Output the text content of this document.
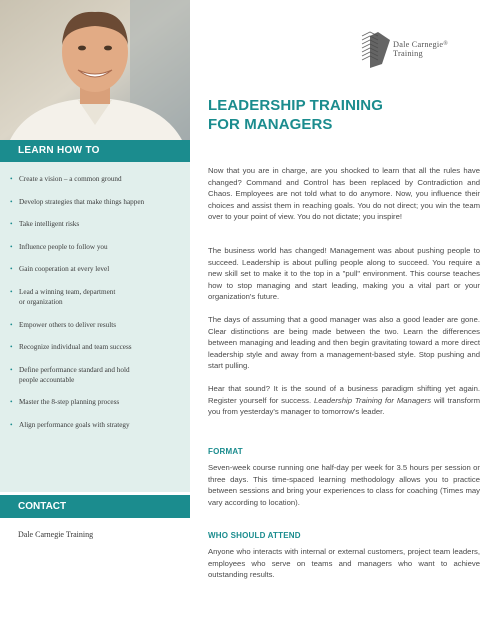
LEARN HOW TO
• Create a vision – a common ground
• Develop strategies that make things happen
• Take intelligent risks
• Influence people to follow you
• Gain cooperation at every level
• Lead a winning team, department
or organization
• Empower others to deliver results
• Recognize individual and team success
• Define performance standard and hold
people accountable
• Master the 8-step planning process
• Align performance goals with strategy
CONTACT
Dale Carnegie Training
Dale Carnegie®
Training
LEADERSHIP TRAINING
FOR MANAGERS

Now that you are in charge, are you shocked to learn that all the rules have changed? Command and Control has been replaced by Contradiction and Chaos. Employees are not told what to do anymore. Now, you influence their choices and assist them in reaching goals. You do not direct; you win the team over to your point of view. You do not dictate; you inspire!

The business world has changed! Management was about pushing people to succeed. Leadership is about pulling people along to succeed. You require a new skill set to make it to the top in a "pull" environment. This course teaches how to stop managing and start leading, making you a vital part or your organization's future.

The days of assuming that a good manager was also a good leader are gone. Clear distinctions are being made between the two. Learn the differences between managing and leading and then begin gravitating toward a more direct leadership style and away from a management-based style. Stop pushing and start pulling.

Hear that sound? It is the sound of a business paradigm shifting yet again. Register yourself for success. Leadership Training for Managers will transform you from yesterday's manager to tomorrow's leader.

FORMAT

Seven-week course running one half-day per week for 3.5 hours per session or three days. This time-spaced learning methodology allows you to practice between sessions and bring your experiences to class for coaching (Times may vary according to location).

WHO SHOULD ATTEND

Anyone who interacts with internal or external customers, project team leaders, employees who serve on teams and managers who want to achieve outstanding results.
